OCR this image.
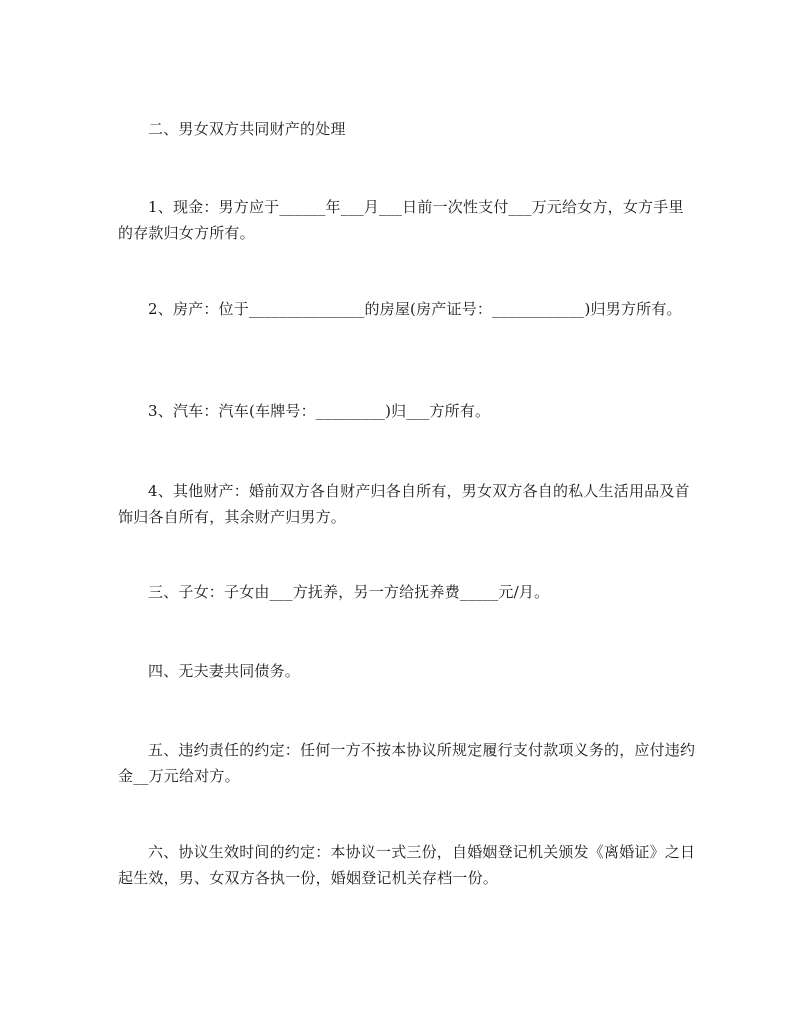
二、男女双方共同财产的处理

1、现金：男方应于______年___月___日前一次性支付___万元给女方，女方手里的存款归女方所有。

2、房产：位于_______________的房屋(房产证号：____________)归男方所有。

3、汽车：汽车(车牌号：_________)归___方所有。

4、其他财产：婚前双方各自财产归各自所有，男女双方各自的私人生活用品及首饰归各自所有，其余财产归男方。

三、子女：子女由___方抚养，另一方给抚养费_____元/月。

四、无夫妻共同债务。

五、违约责任的约定：任何一方不按本协议所规定履行支付款项义务的，应付违约金__万元给对方。

六、协议生效时间的约定：本协议一式三份，自婚姻登记机关颁发《离婚证》之日起生效，男、女双方各执一份，婚姻登记机关存档一份。
